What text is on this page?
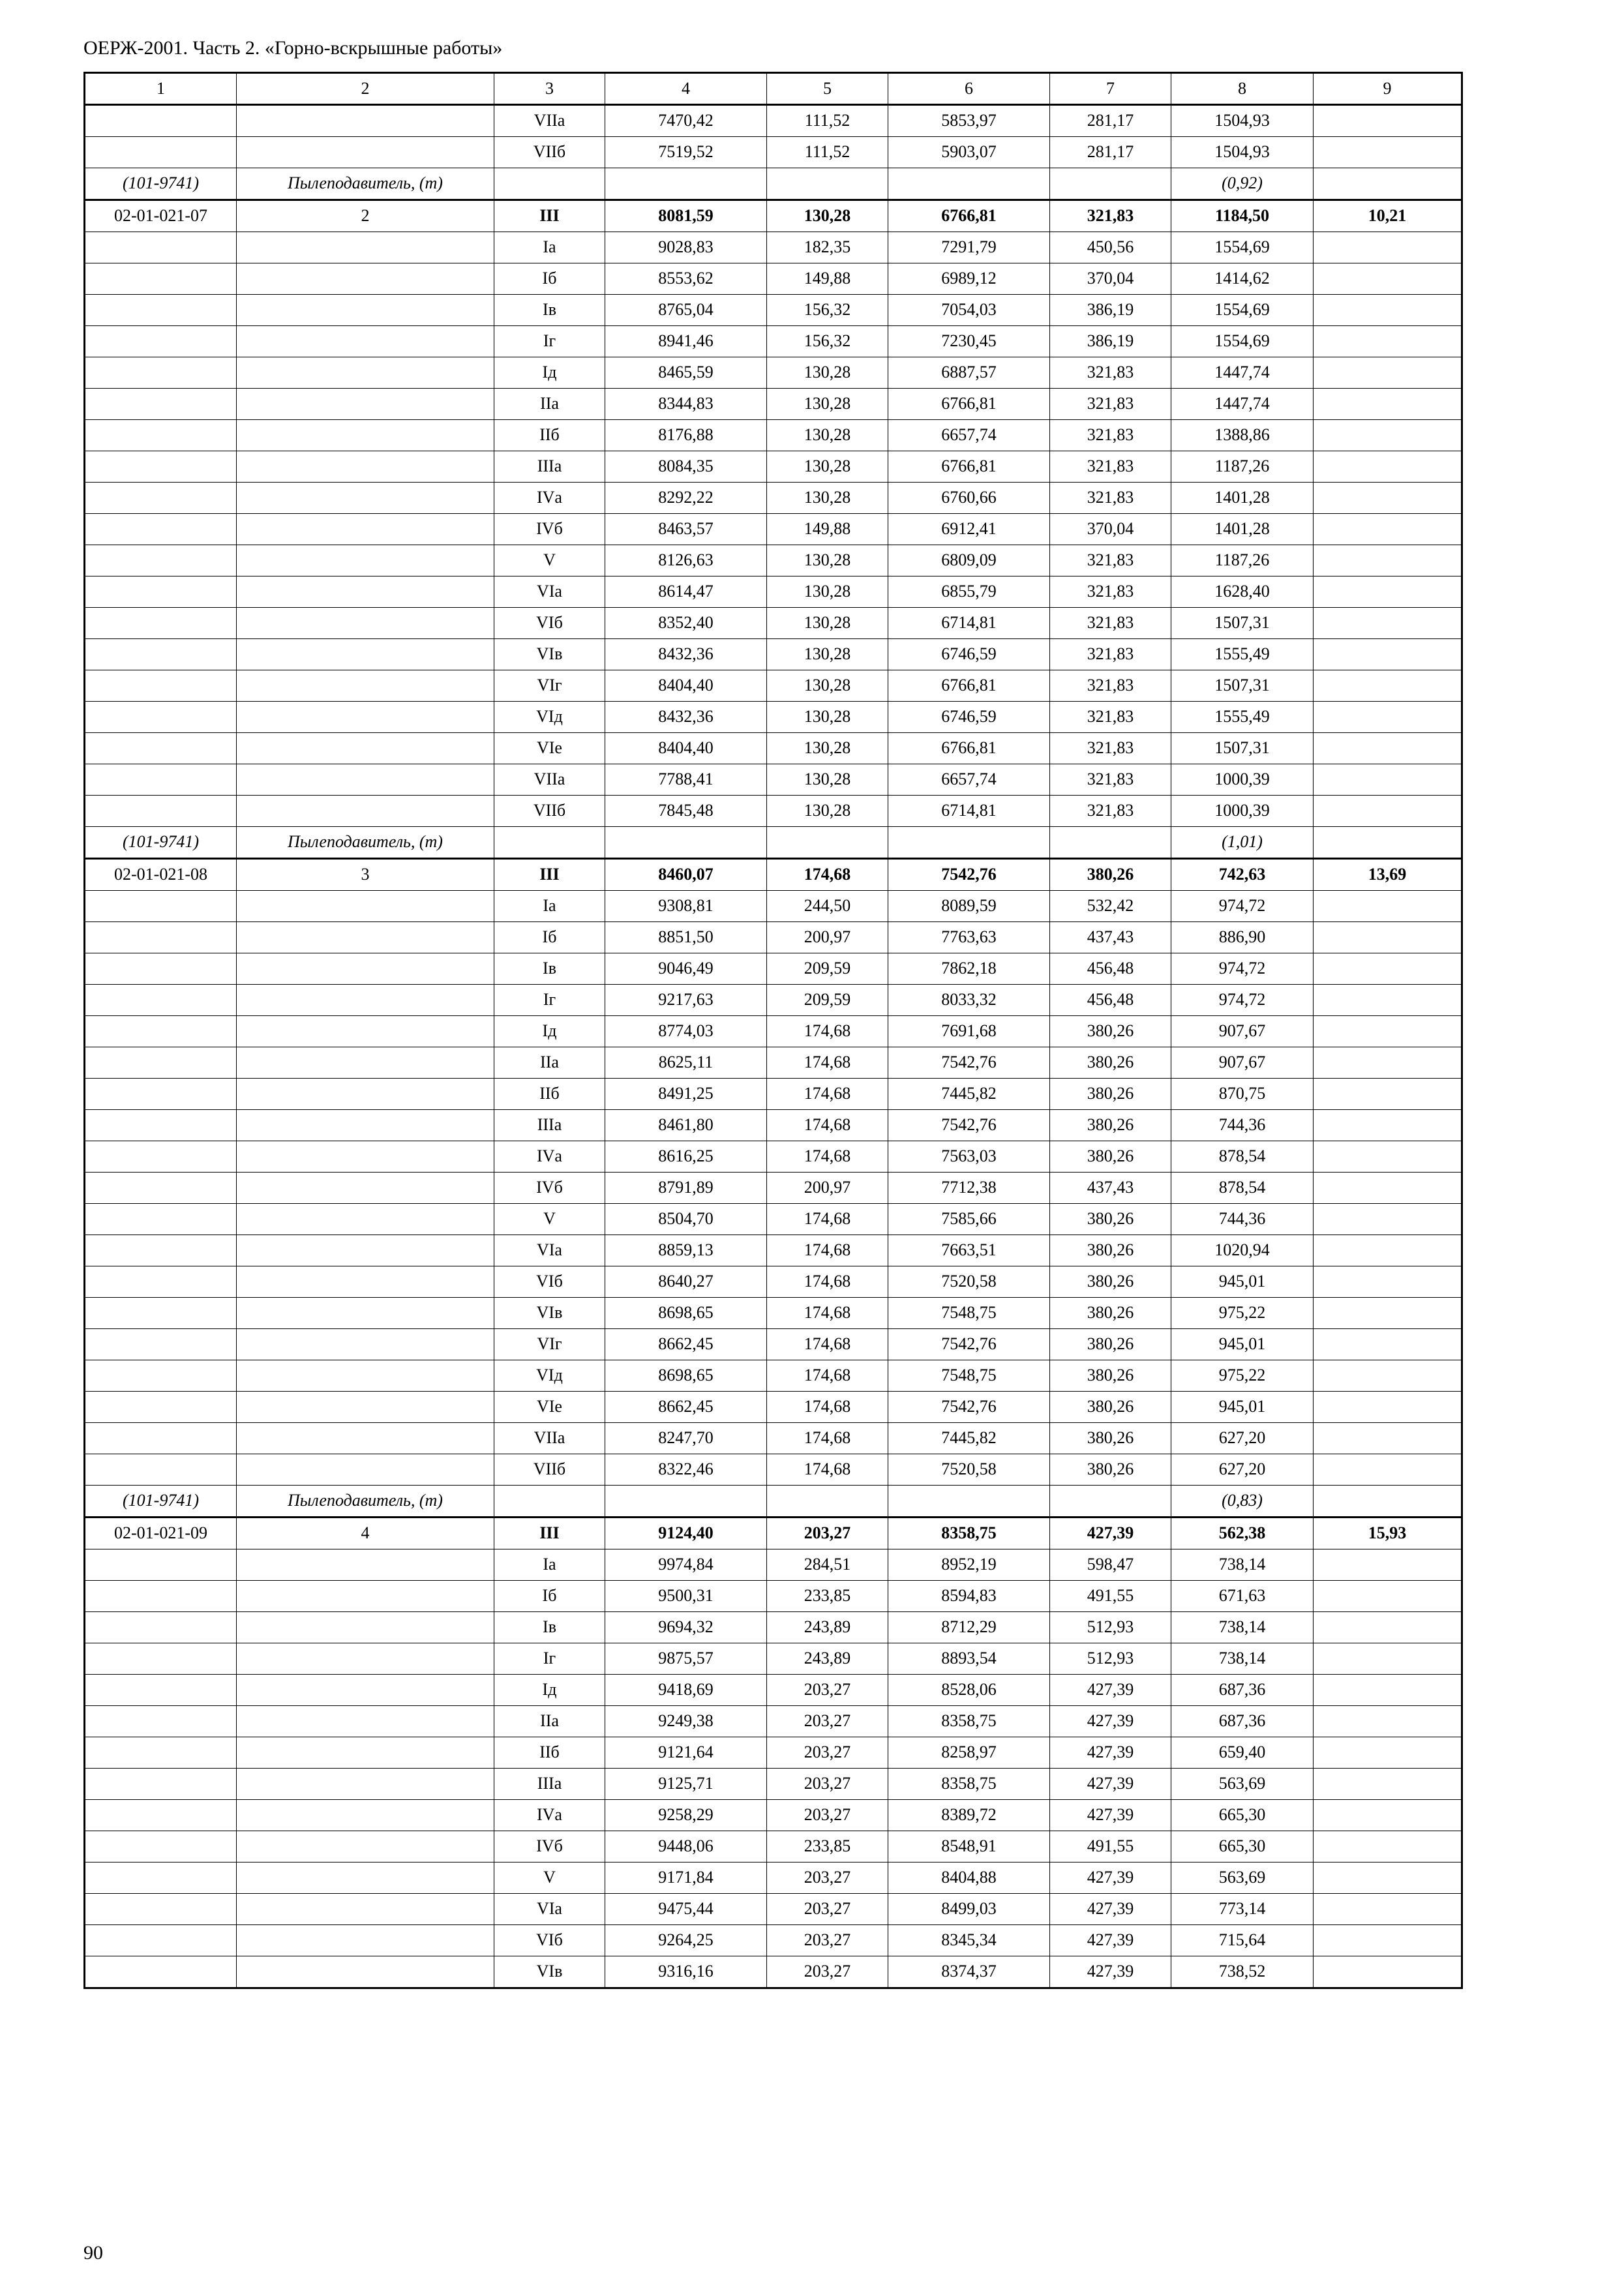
ОЕРЖ-2001. Часть 2. «Горно-вскрышные работы»
1	2	3	4	5	6	7	8	9
		VIIа	7470,42	111,52	5853,97	281,17	1504,93	
		VIIб	7519,52	111,52	5903,07	281,17	1504,93	
(101-9741)	Пылеподавитель, (т)						(0,92)	
02-01-021-07	2	III	8081,59	130,28	6766,81	321,83	1184,50	10,21
		Iа	9028,83	182,35	7291,79	450,56	1554,69	
		Iб	8553,62	149,88	6989,12	370,04	1414,62	
		Iв	8765,04	156,32	7054,03	386,19	1554,69	
		Iг	8941,46	156,32	7230,45	386,19	1554,69	
		Iд	8465,59	130,28	6887,57	321,83	1447,74	
		IIа	8344,83	130,28	6766,81	321,83	1447,74	
		IIб	8176,88	130,28	6657,74	321,83	1388,86	
		IIIа	8084,35	130,28	6766,81	321,83	1187,26	
		IVа	8292,22	130,28	6760,66	321,83	1401,28	
		IVб	8463,57	149,88	6912,41	370,04	1401,28	
		V	8126,63	130,28	6809,09	321,83	1187,26	
		VIа	8614,47	130,28	6855,79	321,83	1628,40	
		VIб	8352,40	130,28	6714,81	321,83	1507,31	
		VIв	8432,36	130,28	6746,59	321,83	1555,49	
		VIг	8404,40	130,28	6766,81	321,83	1507,31	
		VIд	8432,36	130,28	6746,59	321,83	1555,49	
		VIе	8404,40	130,28	6766,81	321,83	1507,31	
		VIIа	7788,41	130,28	6657,74	321,83	1000,39	
		VIIб	7845,48	130,28	6714,81	321,83	1000,39	
(101-9741)	Пылеподавитель, (т)						(1,01)	
02-01-021-08	3	III	8460,07	174,68	7542,76	380,26	742,63	13,69
		Iа	9308,81	244,50	8089,59	532,42	974,72	
		Iб	8851,50	200,97	7763,63	437,43	886,90	
		Iв	9046,49	209,59	7862,18	456,48	974,72	
		Iг	9217,63	209,59	8033,32	456,48	974,72	
		Iд	8774,03	174,68	7691,68	380,26	907,67	
		IIа	8625,11	174,68	7542,76	380,26	907,67	
		IIб	8491,25	174,68	7445,82	380,26	870,75	
		IIIа	8461,80	174,68	7542,76	380,26	744,36	
		IVа	8616,25	174,68	7563,03	380,26	878,54	
		IVб	8791,89	200,97	7712,38	437,43	878,54	
		V	8504,70	174,68	7585,66	380,26	744,36	
		VIа	8859,13	174,68	7663,51	380,26	1020,94	
		VIб	8640,27	174,68	7520,58	380,26	945,01	
		VIв	8698,65	174,68	7548,75	380,26	975,22	
		VIг	8662,45	174,68	7542,76	380,26	945,01	
		VIд	8698,65	174,68	7548,75	380,26	975,22	
		VIе	8662,45	174,68	7542,76	380,26	945,01	
		VIIа	8247,70	174,68	7445,82	380,26	627,20	
		VIIб	8322,46	174,68	7520,58	380,26	627,20	
(101-9741)	Пылеподавитель, (т)						(0,83)	
02-01-021-09	4	III	9124,40	203,27	8358,75	427,39	562,38	15,93
		Iа	9974,84	284,51	8952,19	598,47	738,14	
		Iб	9500,31	233,85	8594,83	491,55	671,63	
		Iв	9694,32	243,89	8712,29	512,93	738,14	
		Iг	9875,57	243,89	8893,54	512,93	738,14	
		Iд	9418,69	203,27	8528,06	427,39	687,36	
		IIа	9249,38	203,27	8358,75	427,39	687,36	
		IIб	9121,64	203,27	8258,97	427,39	659,40	
		IIIа	9125,71	203,27	8358,75	427,39	563,69	
		IVа	9258,29	203,27	8389,72	427,39	665,30	
		IVб	9448,06	233,85	8548,91	491,55	665,30	
		V	9171,84	203,27	8404,88	427,39	563,69	
		VIа	9475,44	203,27	8499,03	427,39	773,14	
		VIб	9264,25	203,27	8345,34	427,39	715,64	
		VIв	9316,16	203,27	8374,37	427,39	738,52	
90
